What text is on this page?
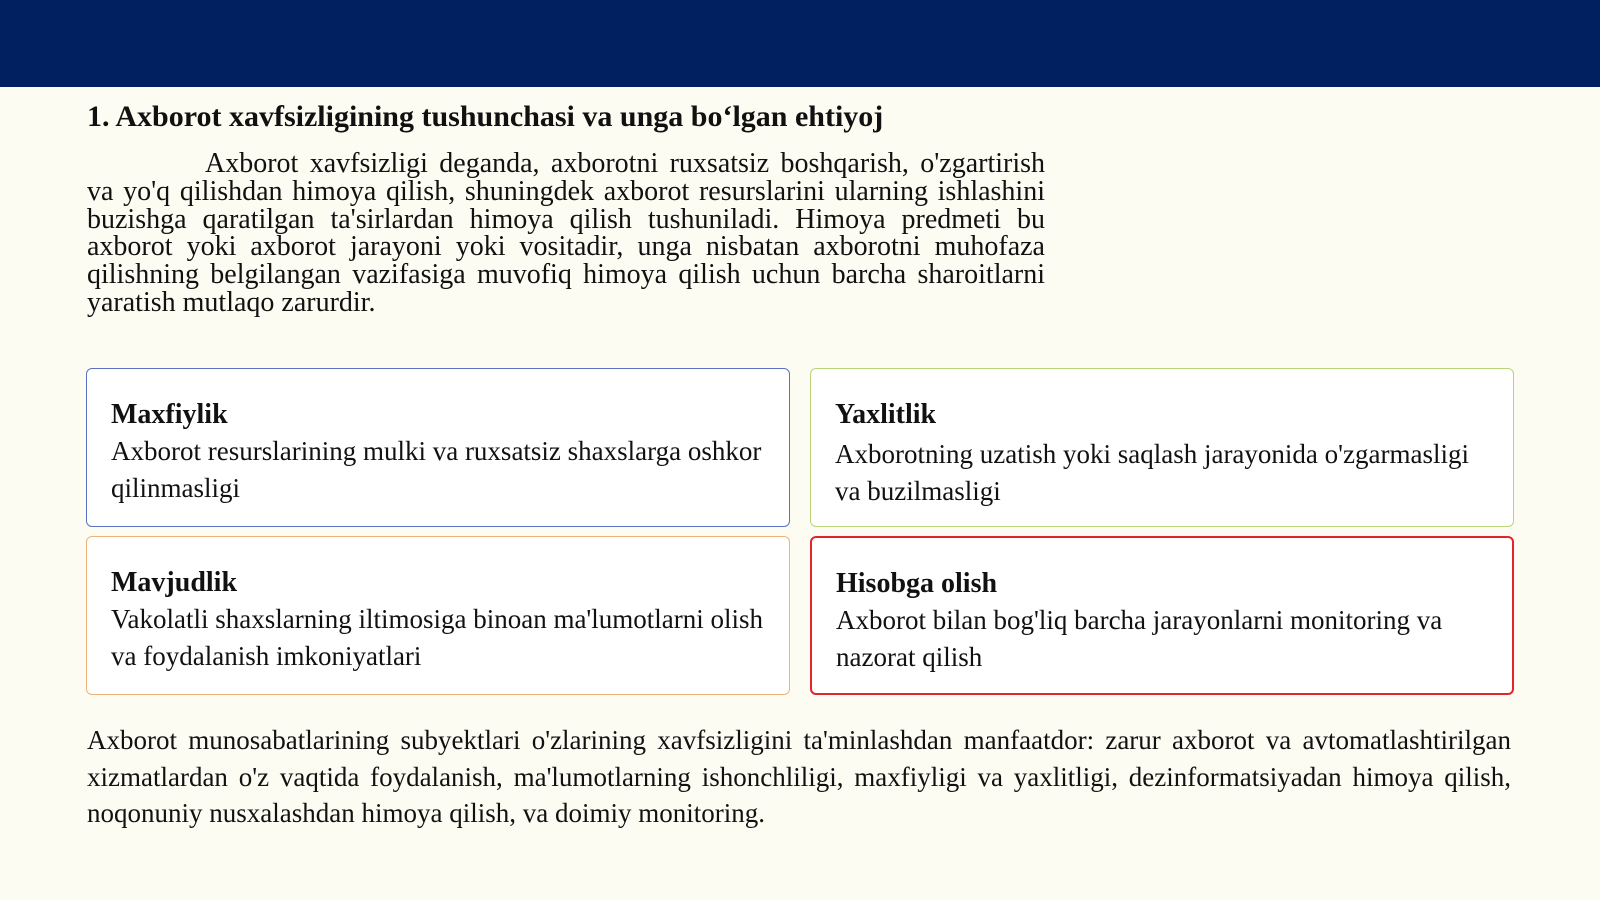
1. Axborot xavfsizligining tushunchasi va unga bo‘lgan ehtiyoj

Axborot xavfsizligi deganda, axborotni ruxsatsiz boshqarish, o'zgartirish va yo'q qilishdan himoya qilish, shuningdek axborot resurslarini ularning ishlashini buzishga qaratilgan ta'sirlardan himoya qilish tushuniladi. Himoya predmeti bu axborot yoki axborot jarayoni yoki vositadir, unga nisbatan axborotni muhofaza qilishning belgilangan vazifasiga muvofiq himoya qilish uchun barcha sharoitlarni yaratish mutlaqo zarurdir.

Maxfiylik
Axborot resurslarining mulki va ruxsatsiz shaxslarga oshkor qilinmasligi
Yaxlitlik
Axborotning uzatish yoki saqlash jarayonida o'zgarmasligi va buzilmasligi
Mavjudlik
Vakolatli shaxslarning iltimosiga binoan ma'lumotlarni olish va foydalanish imkoniyatlari
Hisobga olish
Axborot bilan bog'liq barcha jarayonlarni monitoring va nazorat qilish

Axborot munosabatlarining subyektlari o'zlarining xavfsizligini ta'minlashdan manfaatdor: zarur axborot va avtomatlashtirilgan xizmatlardan o'z vaqtida foydalanish, ma'lumotlarning ishonchliligi, maxfiyligi va yaxlitligi, dezinformatsiyadan himoya qilish, noqonuniy nusxalashdan himoya qilish, va doimiy monitoring.
